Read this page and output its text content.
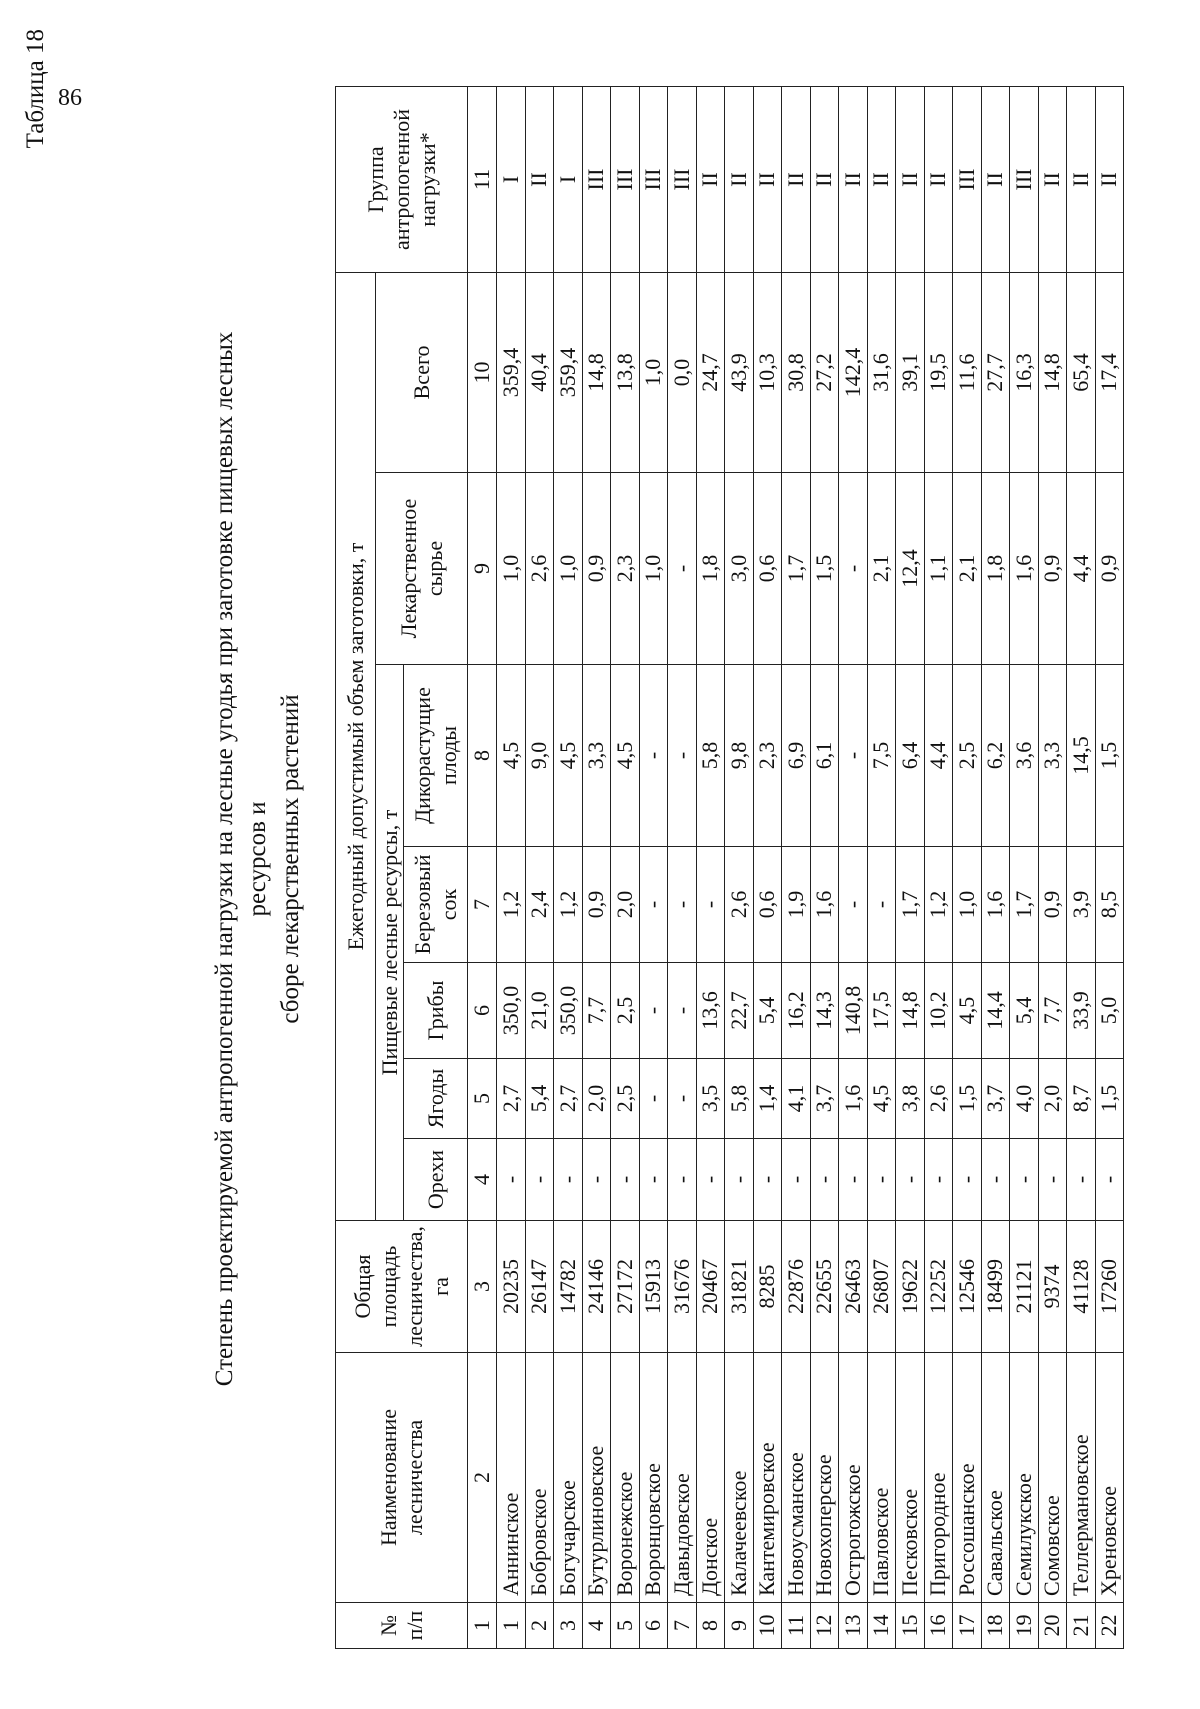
86
Таблица 18
Степень проектируемой антропогенной нагрузки на лесные угодья при заготовке пищевых лесных ресурсов и сборе лекарственных растений
№ п/п	Наименование лесничества	Общая площадь лесничества, га	Ежегодный допустимый объем заготовки, т							Группа антропогенной нагрузки*
			Пищевые лесные ресурсы, т					Лекарственное сырье	Всего	
			Орехи	Ягоды	Грибы	Березовый сок	Дикорастущие плоды			
1	2	3	4	5	6	7	8	9	10	11
1	Аннинское	20235	-	2,7	350,0	1,2	4,5	1,0	359,4	I
2	Бобровское	26147	-	5,4	21,0	2,4	9,0	2,6	40,4	II
3	Богучарское	14782	-	2,7	350,0	1,2	4,5	1,0	359,4	I
4	Бутурлиновское	24146	-	2,0	7,7	0,9	3,3	0,9	14,8	III
5	Воронежское	27172	-	2,5	2,5	2,0	4,5	2,3	13,8	III
6	Воронцовское	15913	-	-	-	-	-	1,0	1,0	III
7	Давыдовское	31676	-	-	-	-	-	-	0,0	III
8	Донское	20467	-	3,5	13,6	-	5,8	1,8	24,7	II
9	Калачеевское	31821	-	5,8	22,7	2,6	9,8	3,0	43,9	II
10	Кантемировское	8285	-	1,4	5,4	0,6	2,3	0,6	10,3	II
11	Новоусманское	22876	-	4,1	16,2	1,9	6,9	1,7	30,8	II
12	Новохоперское	22655	-	3,7	14,3	1,6	6,1	1,5	27,2	II
13	Острогожское	26463	-	1,6	140,8	-	-	-	142,4	II
14	Павловское	26807	-	4,5	17,5	-	7,5	2,1	31,6	II
15	Песковское	19622	-	3,8	14,8	1,7	6,4	12,4	39,1	II
16	Пригородное	12252	-	2,6	10,2	1,2	4,4	1,1	19,5	II
17	Россошанское	12546	-	1,5	4,5	1,0	2,5	2,1	11,6	III
18	Савальское	18499	-	3,7	14,4	1,6	6,2	1,8	27,7	II
19	Семилукское	21121	-	4,0	5,4	1,7	3,6	1,6	16,3	III
20	Сомовское	9374	-	2,0	7,7	0,9	3,3	0,9	14,8	II
21	Теллермановское	41128	-	8,7	33,9	3,9	14,5	4,4	65,4	II
22	Хреновское	17260	-	1,5	5,0	8,5	1,5	0,9	17,4	II
